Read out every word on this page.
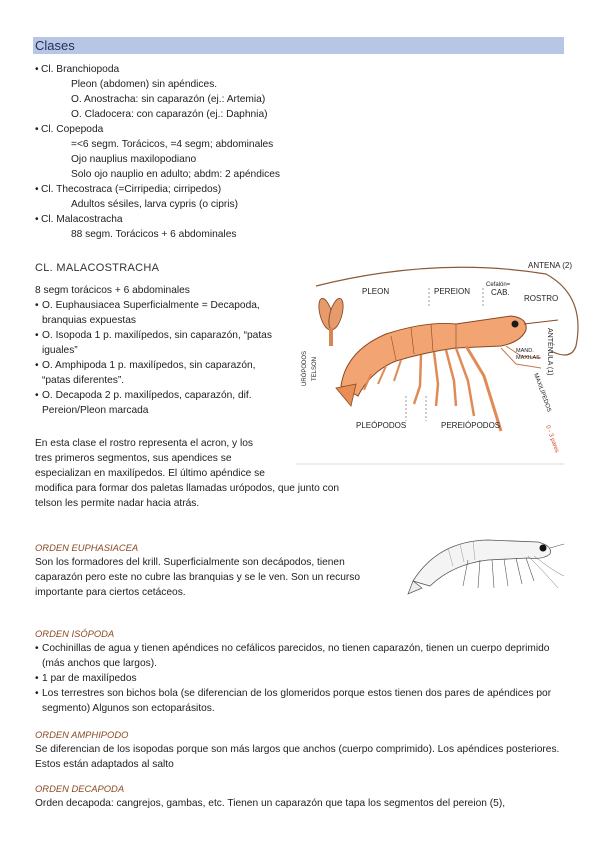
Clases
• Cl. Branchiopoda
Pleon (abdomen) sin apéndices.
O. Anostracha: sin caparazón (ej.: Artemia)
O. Cladocera: con caparazón (ej.: Daphnia)
• Cl. Copepoda
=<6 segm. Torácicos, =4 segm; abdominales
Ojo nauplius maxilopodiano
Solo ojo nauplio en adulto; abdm: 2 apéndices
• Cl. Thecostraca (=Cirripedia; cirripedos)
Adultos sésiles, larva cypris (o cipris)
• Cl. Malacostracha
88 segm. Torácicos + 6 abdominales
CL. MALACOSTRACHA
8 segm torácicos + 6 abdominales
• O. Euphausiacea Superficialmente = Decapoda, branquias expuestas
• O. Isopoda 1 p. maxilípedos, sin caparazón, “patas iguales”
• O. Amphipoda 1 p. maxilípedos, sin caparazón, “patas diferentes”.
• O. Decapoda 2 p. maxilípedos, caparazón, dif. Pereion/Pleon marcada
En esta clase el rostro representa el acron, y los
tres primeros segmentos, sus apendices se
especializan en maxilípedos. El último apéndice se
modifica para formar dos paletas llamadas urópodos, que junto con
telson les permite nadar hacia atrás.
ANTENA (2)
PLEON	PEREION
Cefalón=
CAB.
ROSTRO
ANTÉNULA (1)
MAND.
MAXILAS
MAXILÍPEDOS
0 - 3 pares
URÓPODOS TELSON
PLEÓPODOS	PEREIÓPODOS
ORDEN EUPHASIACEA
Son los formadores del krill. Superficialmente son decápodos, tienen
caparazón pero este no cubre las branquias y se le ven. Son un recurso
importante para ciertos cetáceos.
ORDEN ISÓPODA
• Cochinillas de agua y tienen apéndices no cefálicos parecidos, no tienen caparazón, tienen un cuerpo deprimido (más anchos que largos).
• 1 par de maxilípedos
• Los terrestres son bichos bola (se diferencian de los glomeridos porque estos tienen dos pares de apéndices por segmento) Algunos son ectoparásitos.
ORDEN AMPHIPODO
Se diferencian de los isopodas porque son más largos que anchos (cuerpo comprimido). Los apéndices posteriores. Estos están adaptados al salto
ORDEN DECAPODA
Orden decapoda: cangrejos, gambas, etc. Tienen un caparazón que tapa los segmentos del pereion (5),
